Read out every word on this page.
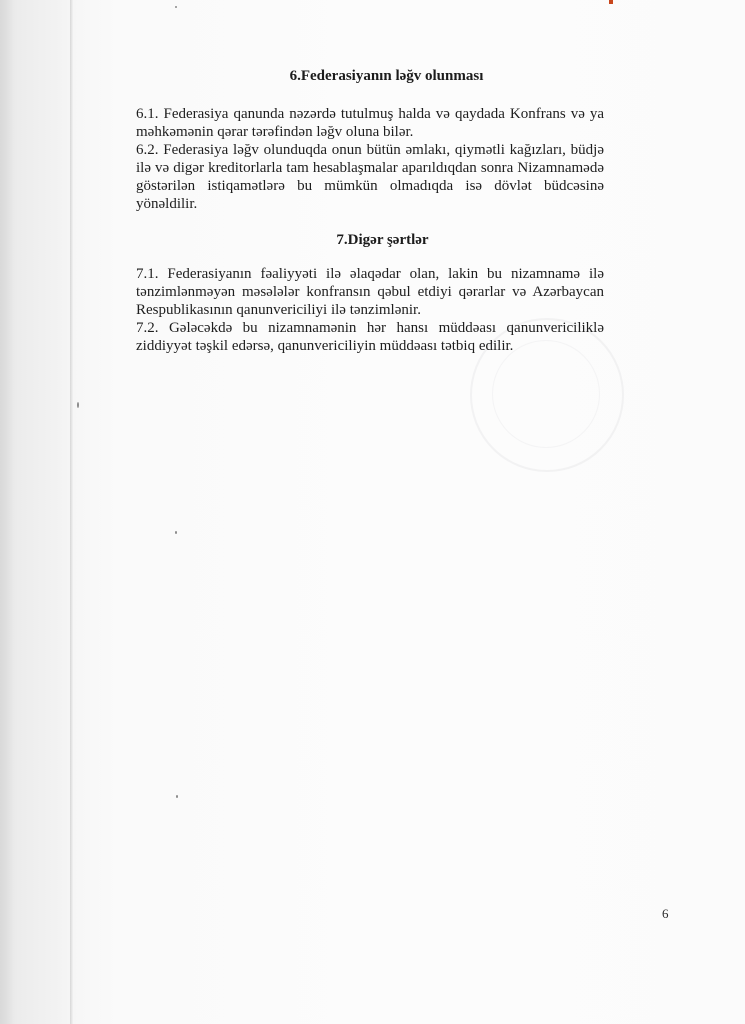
6.Federasiyanın ləğv olunması

6.1. Federasiya qanunda nəzərdə tutulmuş halda və qaydada Konfrans və ya məhkəmənin qərar tərəfindən ləğv oluna bilər.

6.2. Federasiya ləğv olunduqda onun bütün əmlakı, qiymətli kağızları, büdjə ilə və digər kreditorlarla tam hesablaşmalar aparıldıqdan sonra Nizamnamədə göstərilən istiqamətlərə bu mümkün olmadıqda isə dövlət büdcəsinə yönəldilir.

7.Digər şərtlər

7.1. Federasiyanın fəaliyyəti ilə əlaqədar olan, lakin bu nizamnamə ilə tənzimlənməyən məsələlər konfransın qəbul etdiyi qərarlar və Azərbaycan Respublikasının qanunvericiliyi ilə tənzimlənir.

7.2. Gələcəkdə bu nizamnamənin hər hansı müddəası qanunvericiliklə ziddiyyət təşkil edərsə, qanunvericiliyin müddəası tətbiq edilir.

6
